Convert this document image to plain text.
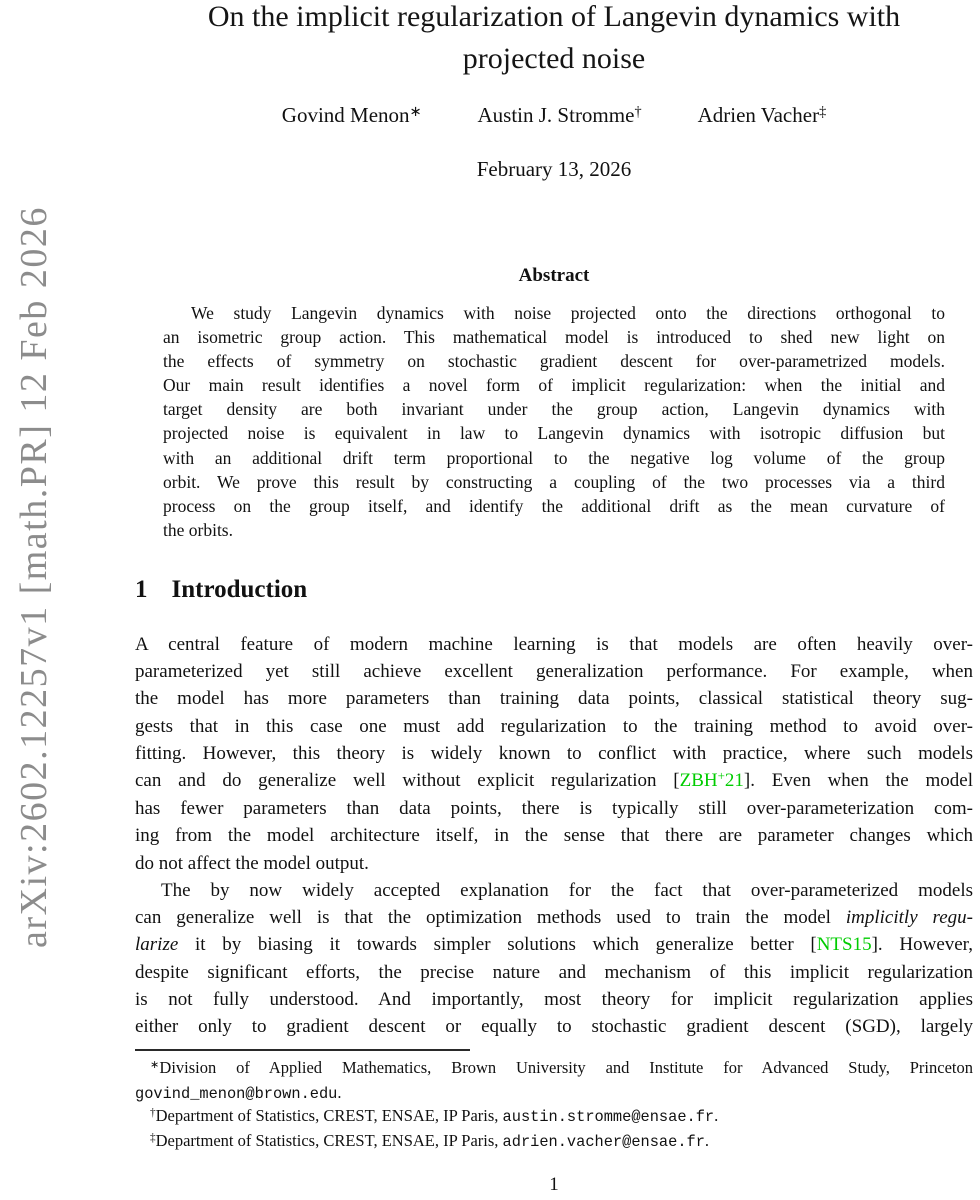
arXiv:2602.12257v1 [math.PR] 12 Feb 2026
On the implicit regularization of Langevin dynamics with
projected noise
Govind Menon∗	Austin J. Stromme†	Adrien Vacher‡
February 13, 2026
Abstract
We study Langevin dynamics with noise projected onto the directions orthogonal to
an isometric group action. This mathematical model is introduced to shed new light on
the effects of symmetry on stochastic gradient descent for over-parametrized models.
Our main result identifies a novel form of implicit regularization: when the initial and
target density are both invariant under the group action, Langevin dynamics with
projected noise is equivalent in law to Langevin dynamics with isotropic diffusion but
with an additional drift term proportional to the negative log volume of the group
orbit. We prove this result by constructing a coupling of the two processes via a third
process on the group itself, and identify the additional drift as the mean curvature of
the orbits.
1 Introduction
A central feature of modern machine learning is that models are often heavily over-
parameterized yet still achieve excellent generalization performance. For example, when
the model has more parameters than training data points, classical statistical theory sug-
gests that in this case one must add regularization to the training method to avoid over-
fitting. However, this theory is widely known to conflict with practice, where such models
can and do generalize well without explicit regularization [ZBH+21]. Even when the model
has fewer parameters than data points, there is typically still over-parameterization com-
ing from the model architecture itself, in the sense that there are parameter changes which
do not affect the model output.
The by now widely accepted explanation for the fact that over-parameterized models
can generalize well is that the optimization methods used to train the model implicitly regu-
larize it by biasing it towards simpler solutions which generalize better [NTS15]. However,
despite significant efforts, the precise nature and mechanism of this implicit regularization
is not fully understood. And importantly, most theory for implicit regularization applies
either only to gradient descent or equally to stochastic gradient descent (SGD), largely
∗Division of Applied Mathematics, Brown University and Institute for Advanced Study, Princeton
govind_menon@brown.edu.
†Department of Statistics, CREST, ENSAE, IP Paris, austin.stromme@ensae.fr.
‡Department of Statistics, CREST, ENSAE, IP Paris, adrien.vacher@ensae.fr.
1
